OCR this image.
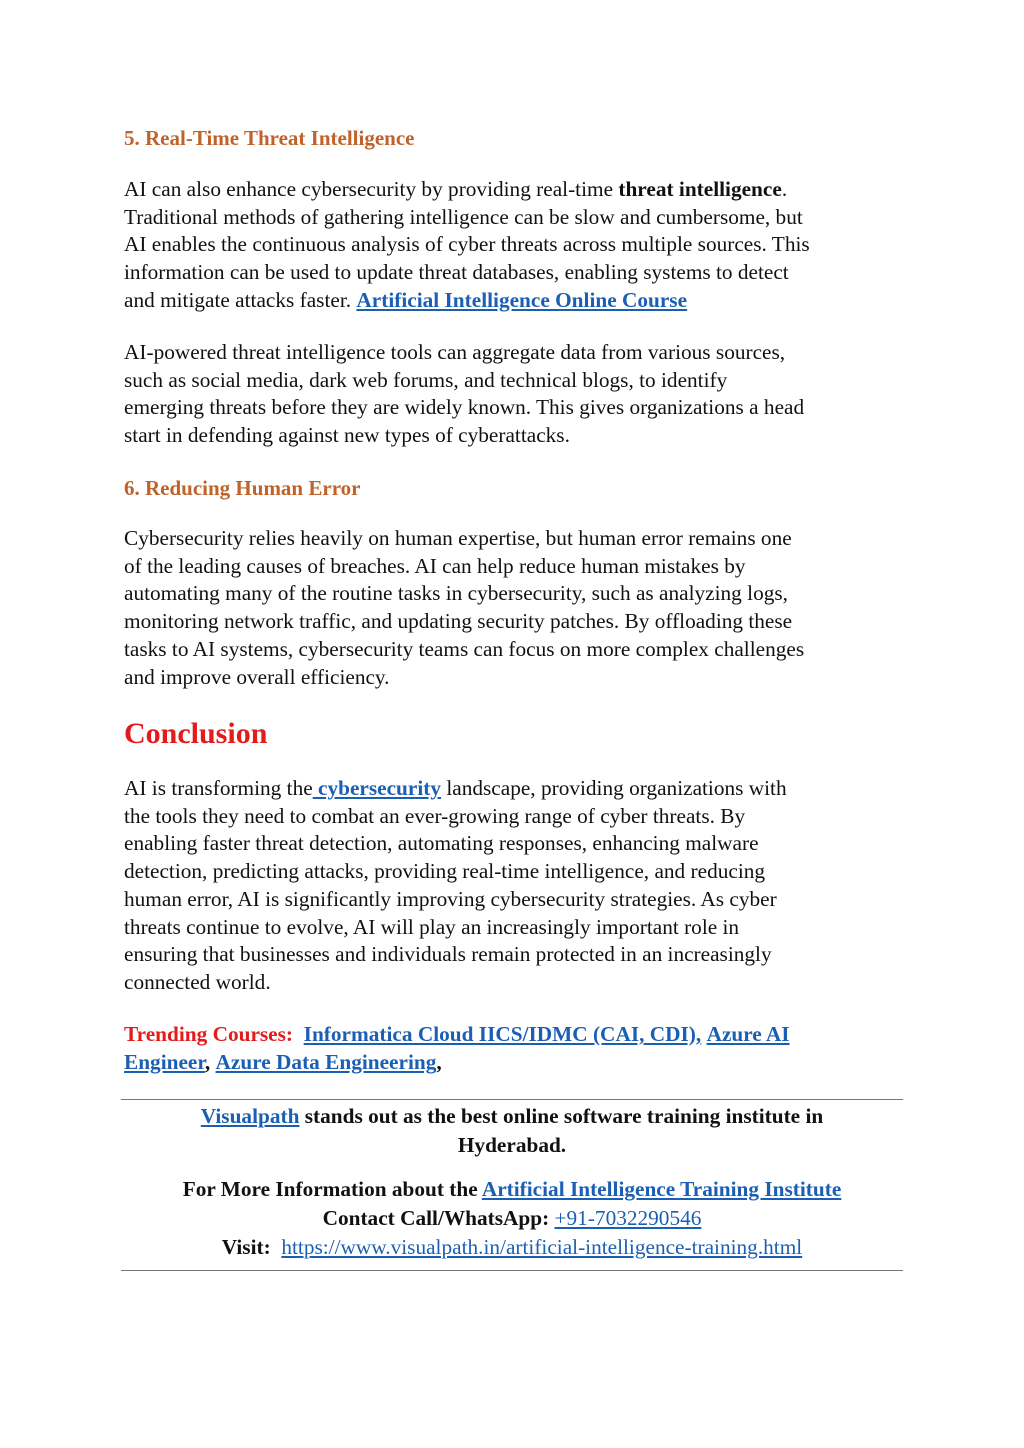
5. Real-Time Threat Intelligence
AI can also enhance cybersecurity by providing real-time threat intelligence.
Traditional methods of gathering intelligence can be slow and cumbersome, but
AI enables the continuous analysis of cyber threats across multiple sources. This
information can be used to update threat databases, enabling systems to detect
and mitigate attacks faster. Artificial Intelligence Online Course
AI-powered threat intelligence tools can aggregate data from various sources,
such as social media, dark web forums, and technical blogs, to identify
emerging threats before they are widely known. This gives organizations a head
start in defending against new types of cyberattacks.
6. Reducing Human Error
Cybersecurity relies heavily on human expertise, but human error remains one
of the leading causes of breaches. AI can help reduce human mistakes by
automating many of the routine tasks in cybersecurity, such as analyzing logs,
monitoring network traffic, and updating security patches. By offloading these
tasks to AI systems, cybersecurity teams can focus on more complex challenges
and improve overall efficiency.
Conclusion
AI is transforming the cybersecurity landscape, providing organizations with
the tools they need to combat an ever-growing range of cyber threats. By
enabling faster threat detection, automating responses, enhancing malware
detection, predicting attacks, providing real-time intelligence, and reducing
human error, AI is significantly improving cybersecurity strategies. As cyber
threats continue to evolve, AI will play an increasingly important role in
ensuring that businesses and individuals remain protected in an increasingly
connected world.
Trending Courses: Informatica Cloud IICS/IDMC (CAI, CDI), Azure AI
Engineer, Azure Data Engineering,
Visualpath stands out as the best online software training institute in
Hyderabad.
For More Information about the Artificial Intelligence Training Institute
Contact Call/WhatsApp: +91-7032290546
Visit: https://www.visualpath.in/artificial-intelligence-training.html
